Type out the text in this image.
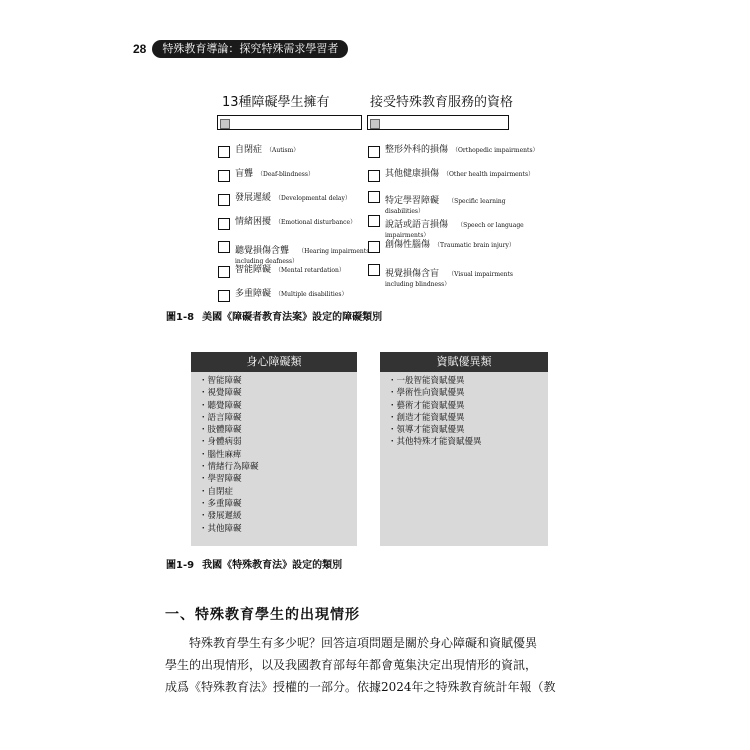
28	特殊教育導論：探究特殊需求學習者
13種障礙學生擁有	接受特殊教育服務的資格
自閉症 （Autism）
盲聾 （Deaf-blindness）
發展遲緩 （Developmental delay）
情緒困擾 （Emotional disturbance）
聽覺損傷含聾 （Hearing impairments
including deafness）
智能障礙 （Mental retardation）
多重障礙 （Multiple disabilities）
整形外科的損傷 （Orthopedic impairments）
其他健康損傷 （Other health impairments）
特定學習障礙 （Specific learning
disabilities）
說話或語言損傷 （Speech or language
impairments）
創傷性腦傷 （Traumatic brain injury）
視覺損傷含盲 （Visual impairments
including blindness）
圖1-8 美國《障礙者教育法案》設定的障礙類別
身心障礙類
・智能障礙
・視覺障礙
・聽覺障礙
・語言障礙
・肢體障礙
・身體病弱
・腦性麻痺
・情緒行為障礙
・學習障礙
・自閉症
・多重障礙
・發展遲緩
・其他障礙
資賦優異類
・一般智能資賦優異
・學術性向資賦優異
・藝術才能資賦優異
・創造才能資賦優異
・領導才能資賦優異
・其他特殊才能資賦優異
圖1-9 我國《特殊教育法》設定的類別
一、特殊教育學生的出現情形

特殊教育學生有多少呢？回答這項問題是關於身心障礙和資賦優異

學生的出現情形，以及我國教育部每年都會蒐集決定出現情形的資訊，

成爲《特殊教育法》授權的一部分。依據2024年之特殊教育統計年報（教
